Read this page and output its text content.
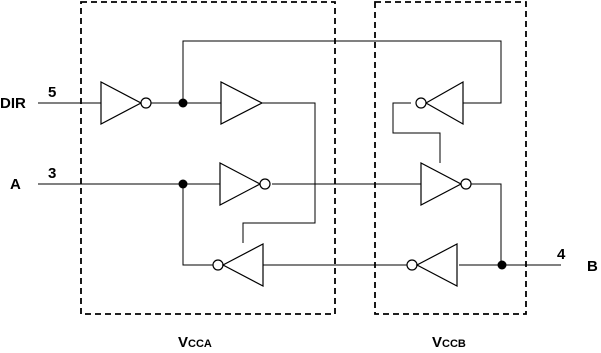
DIR
5
A
3
4
B
VCCA	VCCB
